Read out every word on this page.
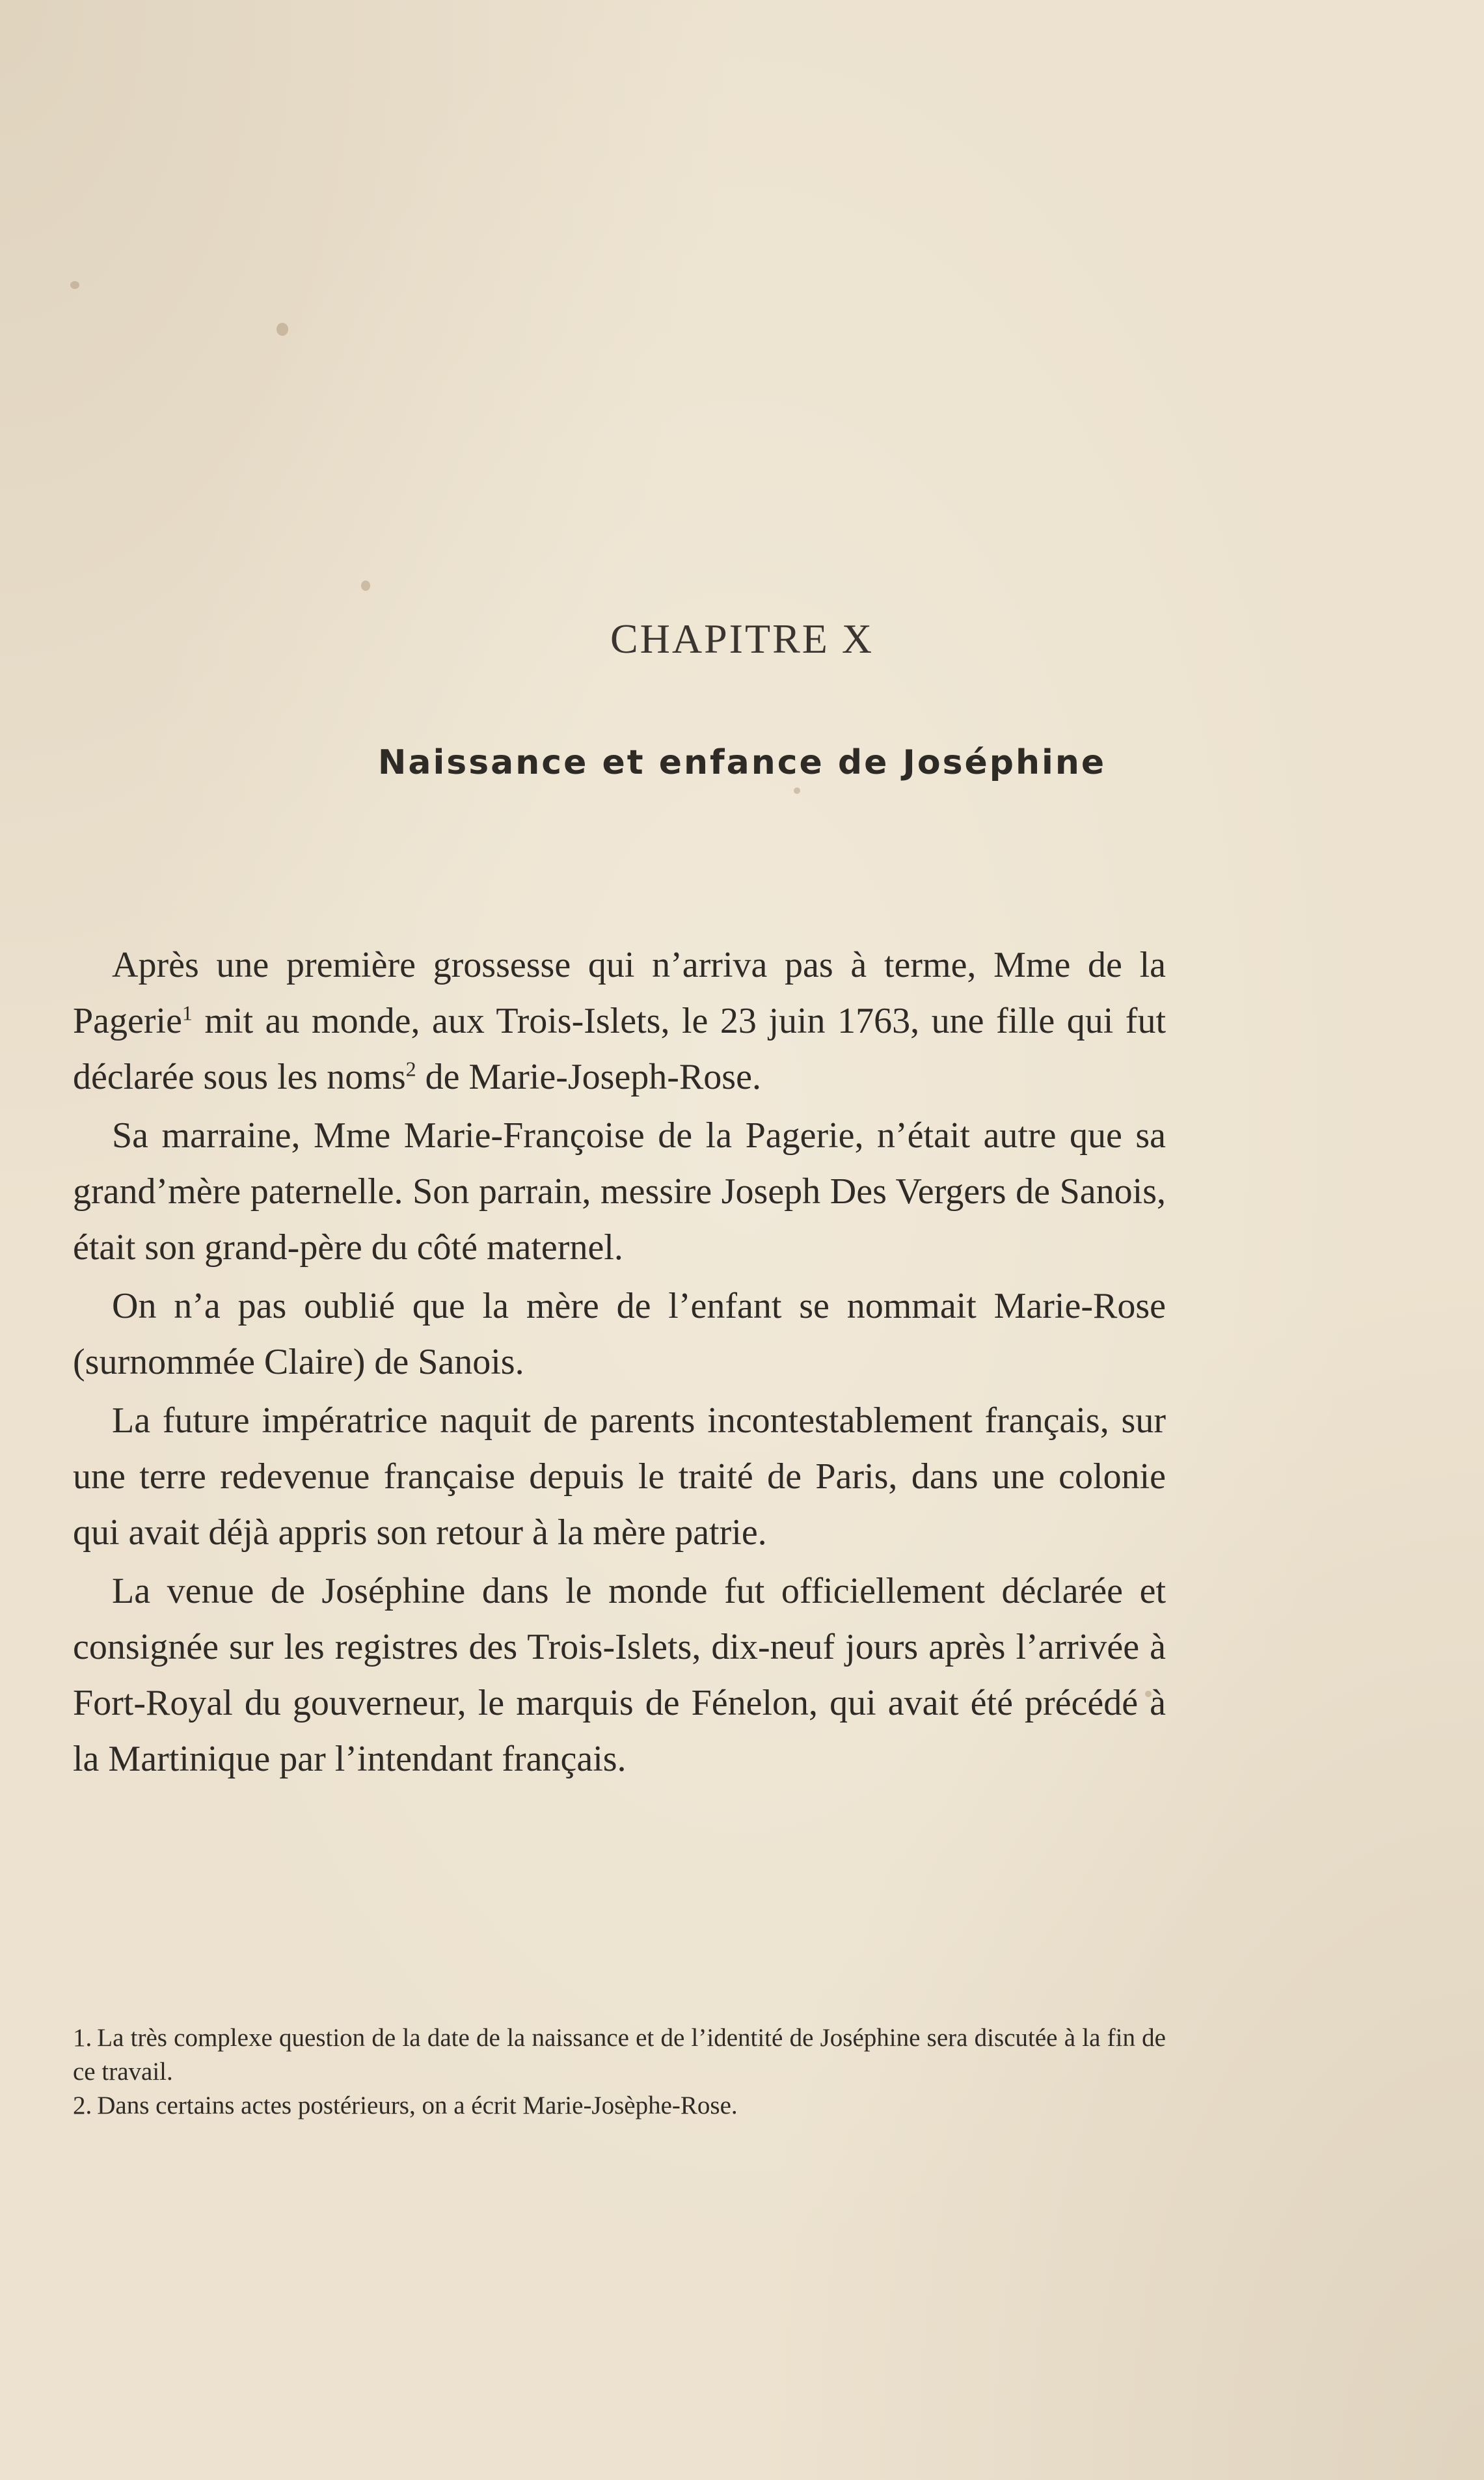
CHAPITRE X
Naissance et enfance de Joséphine

Après une première grossesse qui n’arriva pas à terme, Mme de la Pagerie$^1$ mit au monde, aux Trois-Islets, le 23 juin 1763, une fille qui fut déclarée sous les noms$^2$ de Marie-Joseph-Rose.

Sa marraine, Mme Marie-Françoise de la Pagerie, n’était autre que sa grand’mère paternelle. Son parrain, messire Joseph Des Vergers de Sanois, était son grand-père du côté maternel.

On n’a pas oublié que la mère de l’enfant se nommait Marie-Rose (surnommée Claire) de Sanois.

La future impératrice naquit de parents incontestablement français, sur une terre redevenue française depuis le traité de Paris, dans une colonie qui avait déjà appris son retour à la mère patrie.

La venue de Joséphine dans le monde fut officiellement déclarée et consignée sur les registres des Trois-Islets, dix-neuf jours après l’arrivée à Fort-Royal du gouverneur, le marquis de Fénelon, qui avait été précédé à la Martinique par l’intendant français.

1. La très complexe question de la date de la naissance et de l’identité de Joséphine sera discutée à la fin de ce travail.

2. Dans certains actes postérieurs, on a écrit Marie-Josèphe-Rose.
